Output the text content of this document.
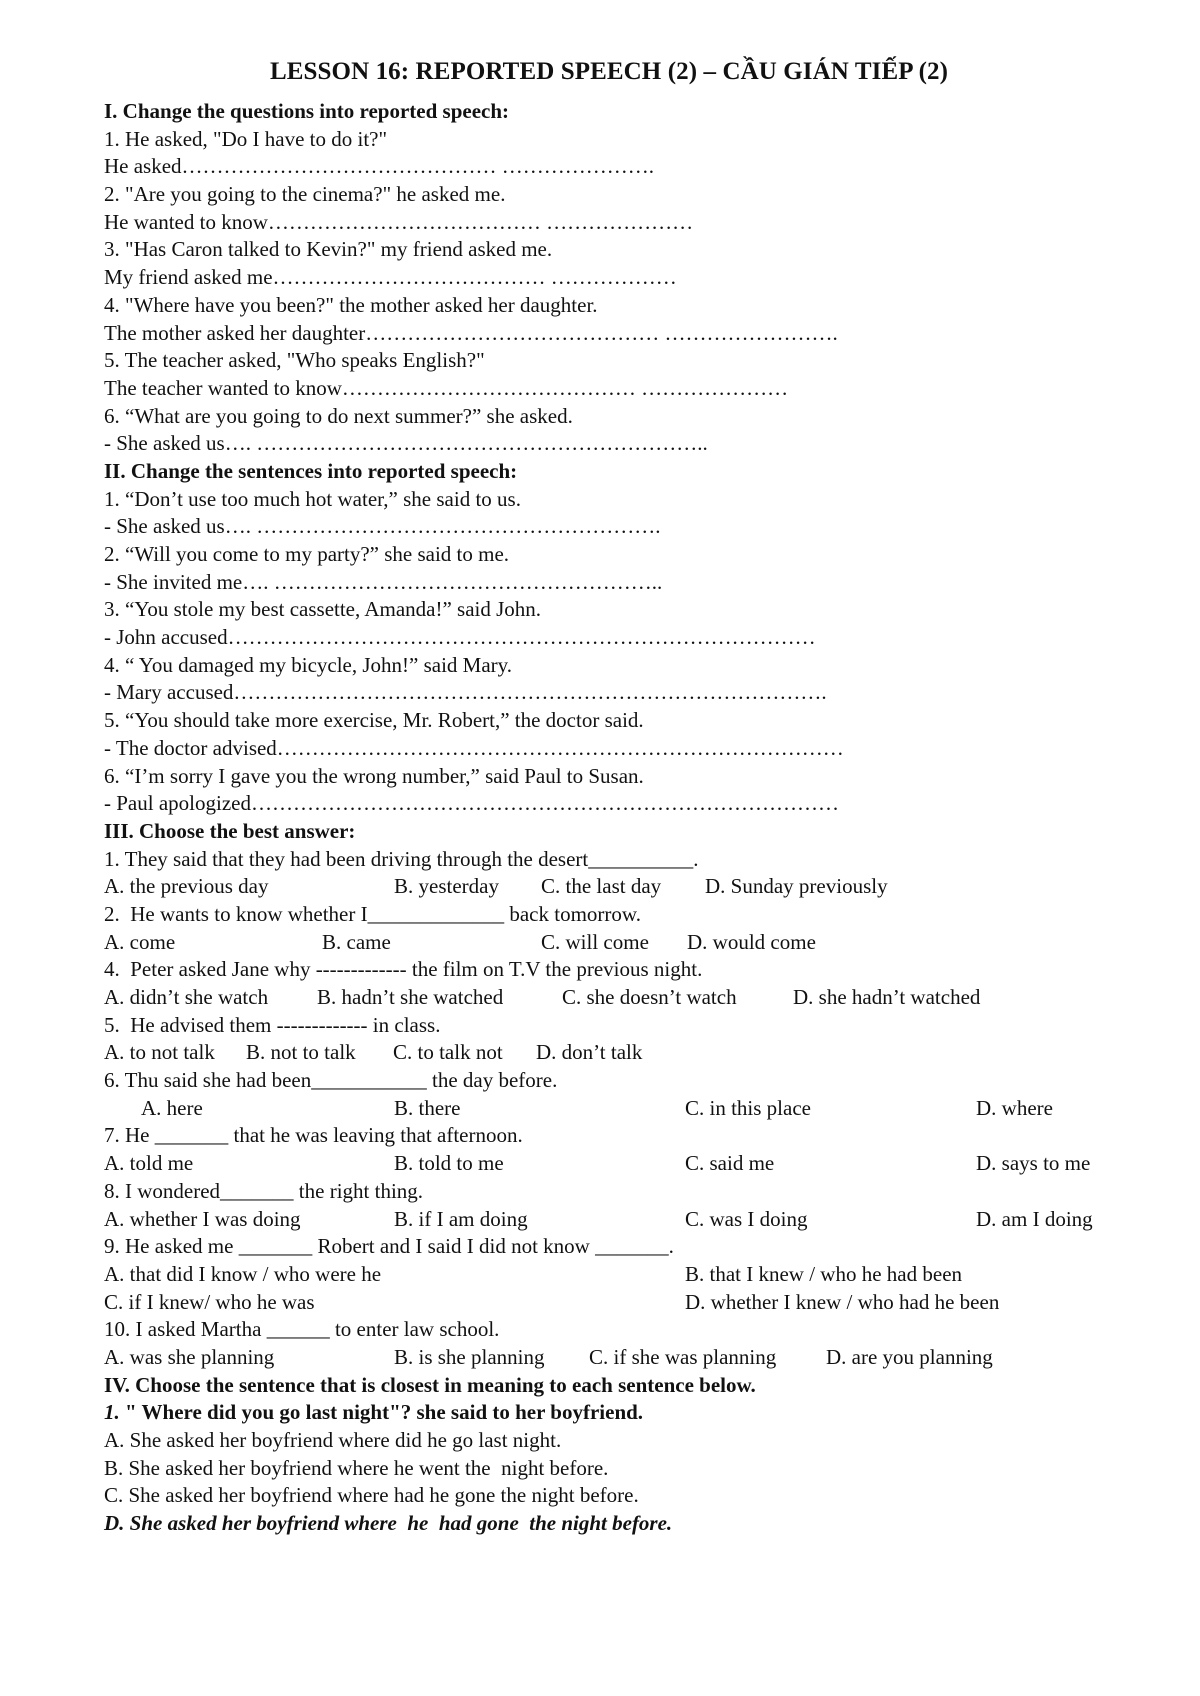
LESSON 16: REPORTED SPEECH (2) – CẦU GIÁN TIẾP (2)
I. Change the questions into reported speech:
1. He asked, "Do I have to do it?"
He asked……………………………………… ………………….
2. "Are you going to the cinema?" he asked me.
He wanted to know………………………………… …………………
3. "Has Caron talked to Kevin?" my friend asked me.
My friend asked me………………………………… ………………
4. "Where have you been?" the mother asked her daughter.
The mother asked her daughter…………………………………… …………………….
5. The teacher asked, "Who speaks English?"
The teacher wanted to know…………………………………… …………………
6. “What are you going to do next summer?” she asked.
- She asked us…. ………………………………………………………..
II. Change the sentences into reported speech:
1. “Don’t use too much hot water,” she said to us.
- She asked us…. ………………………………………………….
2. “Will you come to my party?” she said to me.
- She invited me…. ………………………………………………..
3. “You stole my best cassette, Amanda!” said John.
- John accused…………………………………………………………………………
4. “ You damaged my bicycle, John!” said Mary.
- Mary accused………………………………………………………………………….
5. “You should take more exercise, Mr. Robert,” the doctor said.
- The doctor advised………………………………………………………………………
6. “I’m sorry I gave you the wrong number,” said Paul to Susan.
- Paul apologized…………………………………………………………………………
III. Choose the best answer:
1. They said that they had been driving through the desert__________.

A. the previous day

	B. yesterday

C. the last day

D. Sunday previously

2.  He wants to know whether I_____________ back tomorrow.

A. come

	B. came

	C. will come

D. would come

4.  Peter asked Jane why ------------- the film on T.V the previous night.

A. didn’t she watch

B. hadn’t she watched

	C. she doesn’t watch

	D. she hadn’t watched

5.  He advised them ------------- in class.

A. to not talk

B. not to talk

C. to talk not

D. don’t talk

6. Thu said she had been___________ the day before.

A. here

	B. there

	C. in this place

	D. where

7. He _______ that he was leaving that afternoon.

A. told me

	B. told to me

	C. said me

	D. says to me

8. I wondered_______ the right thing.

A. whether I was doing

	B. if I am doing

	C. was I doing

	D. am I doing

9. He asked me _______ Robert and I said I did not know _______.

A. that did I know / who were he

	B. that I knew / who he had been

C. if I knew/ who he was

	D. whether I knew / who had he been

10. I asked Martha ______ to enter law school.

A. was she planning

	B. is she planning

C. if she was planning

D. are you planning

IV. Choose the sentence that is closest in meaning to each sentence below.
1. " Where did you go last night"? she said to her boyfriend.
A. She asked her boyfriend where did he go last night.
B. She asked her boyfriend where he went the  night before.
C. She asked her boyfriend where had he gone the night before.
D. She asked her boyfriend where  he  had gone  the night before.
